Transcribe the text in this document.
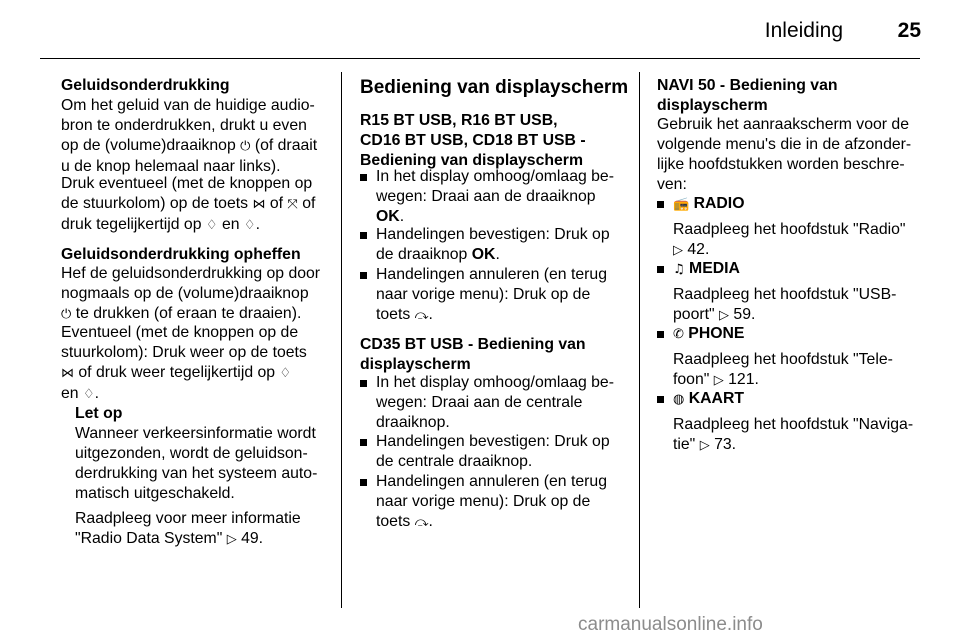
Inleiding	25

Geluidsonderdrukking

Om het geluid van de huidige audio-

bron te onderdrukken, drukt u even

op de (volume)draaiknop ⏻ (of draait

u de knop helemaal naar links).

Druk eventueel (met de knoppen op

de stuurkolom) op de toets ⋈ of ⤧ of

druk tegelijkertijd op ♢ en ♢.

Geluidsonderdrukking opheffen

Hef de geluidsonderdrukking op door

nogmaals op de (volume)draaiknop

⏻ te drukken (of eraan te draaien).

Eventueel (met de knoppen op de

stuurkolom): Druk weer op de toets

⋈ of druk weer tegelijkertijd op ♢

en ♢.

Let op

Wanneer verkeersinformatie wordt

uitgezonden, wordt de geluidson-

derdrukking van het systeem auto-

matisch uitgeschakeld.

Raadpleeg voor meer informatie

"Radio Data System" ▷ 49.

Bediening van displayscherm

R15 BT USB, R16 BT USB,

CD16 BT USB, CD18 BT USB -

Bediening van displayscherm

In het display omhoog/omlaag be-

wegen: Draai aan de draaiknop

OK.

Handelingen bevestigen: Druk op

de draaiknop OK.

Handelingen annuleren (en terug

naar vorige menu): Druk op de

toets ⤼.

CD35 BT USB - Bediening van

displayscherm

In het display omhoog/omlaag be-

wegen: Draai aan de centrale

draaiknop.

Handelingen bevestigen: Druk op

de centrale draaiknop.

Handelingen annuleren (en terug

naar vorige menu): Druk op de

toets ⤼.

NAVI 50 - Bediening van

displayscherm

Gebruik het aanraakscherm voor de

volgende menu's die in de afzonder-

lijke hoofdstukken worden beschre-

ven:

📻 RADIO

Raadpleeg het hoofdstuk "Radio"

▷ 42.

♫ MEDIA

Raadpleeg het hoofdstuk "USB-

poort" ▷ 59.

✆ PHONE

Raadpleeg het hoofdstuk "Tele-

foon" ▷ 121.

◍ KAART

Raadpleeg het hoofdstuk "Naviga-

tie" ▷ 73.

carmanualsonline.info
